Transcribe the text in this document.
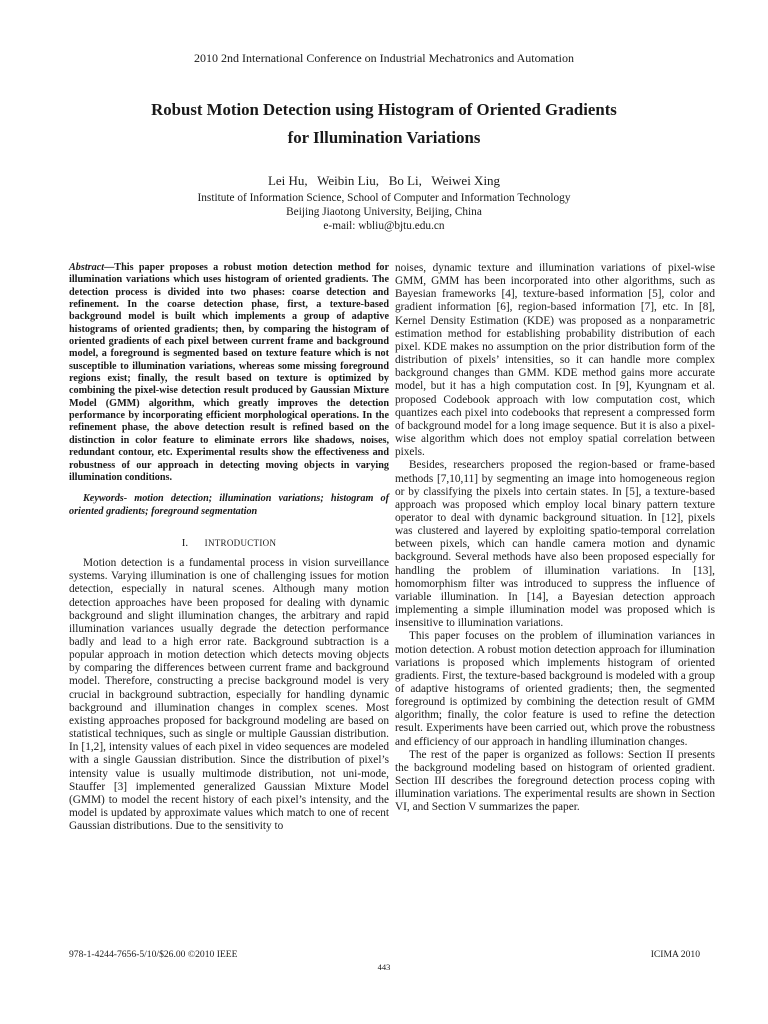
2010 2nd International Conference on Industrial Mechatronics and Automation
Robust Motion Detection using Histogram of Oriented Gradients
for Illumination Variations
Lei Hu,   Weibin Liu,   Bo Li,   Weiwei Xing
Institute of Information Science, School of Computer and Information Technology
Beijing Jiaotong University, Beijing, China
e-mail: wbliu@bjtu.edu.cn

Abstract—This paper proposes a robust motion detection method for illumination variations which uses histogram of oriented gradients. The detection process is divided into two phases: coarse detection and refinement. In the coarse detection phase, first, a texture-based background model is built which implements a group of adaptive histograms of oriented gradients; then, by comparing the histogram of oriented gradients of each pixel between current frame and background model, a foreground is segmented based on texture feature which is not susceptible to illumination variations, whereas some missing foreground regions exist; finally, the result based on texture is optimized by combining the pixel-wise detection result produced by Gaussian Mixture Model (GMM) algorithm, which greatly improves the detection performance by incorporating efficient morphological operations. In the refinement phase, the above detection result is refined based on the distinction in color feature to eliminate errors like shadows, noises, redundant contour, etc. Experimental results show the effectiveness and robustness of our approach in detecting moving objects in varying illumination conditions.

Keywords- motion detection; illumination variations; histogram of oriented gradients; foreground segmentation

I. INTRODUCTION

Motion detection is a fundamental process in vision surveillance systems. Varying illumination is one of challenging issues for motion detection, especially in natural scenes. Although many motion detection approaches have been proposed for dealing with dynamic background and slight illumination changes, the arbitrary and rapid illumination variances usually degrade the detection performance badly and lead to a high error rate. Background subtraction is a popular approach in motion detection which detects moving objects by comparing the differences between current frame and background model. Therefore, constructing a precise background model is very crucial in background subtraction, especially for handling dynamic background and illumination changes in complex scenes. Most existing approaches proposed for background modeling are based on statistical techniques, such as single or multiple Gaussian distribution. In [1,2], intensity values of each pixel in video sequences are modeled with a single Gaussian distribution. Since the distribution of pixel’s intensity value is usually multimode distribution, not uni-mode, Stauffer [3] implemented generalized Gaussian Mixture Model (GMM) to model the recent history of each pixel’s intensity, and the model is updated by approximate values which match to one of recent Gaussian distributions. Due to the sensitivity to

noises, dynamic texture and illumination variations of pixel-wise GMM, GMM has been incorporated into other algorithms, such as Bayesian frameworks [4], texture-based information [5], color and gradient information [6], region-based information [7], etc. In [8], Kernel Density Estimation (KDE) was proposed as a nonparametric estimation method for establishing probability distribution of each pixel. KDE makes no assumption on the prior distribution form of the distribution of pixels’ intensities, so it can handle more complex background changes than GMM. KDE method gains more accurate model, but it has a high computation cost. In [9], Kyungnam et al. proposed Codebook approach with low computation cost, which quantizes each pixel into codebooks that represent a compressed form of background model for a long image sequence. But it is also a pixel-wise algorithm which does not employ spatial correlation between pixels.

Besides, researchers proposed the region-based or frame-based methods [7,10,11] by segmenting an image into homogeneous region or by classifying the pixels into certain states. In [5], a texture-based approach was proposed which employ local binary pattern texture operator to deal with dynamic background situation. In [12], pixels was clustered and layered by exploiting spatio-temporal correlation between pixels, which can handle camera motion and dynamic background. Several methods have also been proposed especially for handling the problem of illumination variations. In [13], homomorphism filter was introduced to suppress the influence of variable illumination. In [14], a Bayesian detection approach implementing a simple illumination model was proposed which is insensitive to illumination variations.

This paper focuses on the problem of illumination variances in motion detection. A robust motion detection approach for illumination variations is proposed which implements histogram of oriented gradients. First, the texture-based background is modeled with a group of adaptive histograms of oriented gradients; then, the segmented foreground is optimized by combining the detection result of GMM algorithm; finally, the color feature is used to refine the detection result. Experiments have been carried out, which prove the robustness and efficiency of our approach in handling illumination changes.

The rest of the paper is organized as follows: Section II presents the background modeling based on histogram of oriented gradient. Section III describes the foreground detection process coping with illumination variations. The experimental results are shown in Section VI, and Section V summarizes the paper.

978-1-4244-7656-5/10/$26.00 ©2010 IEEE	ICIMA 2010
443
